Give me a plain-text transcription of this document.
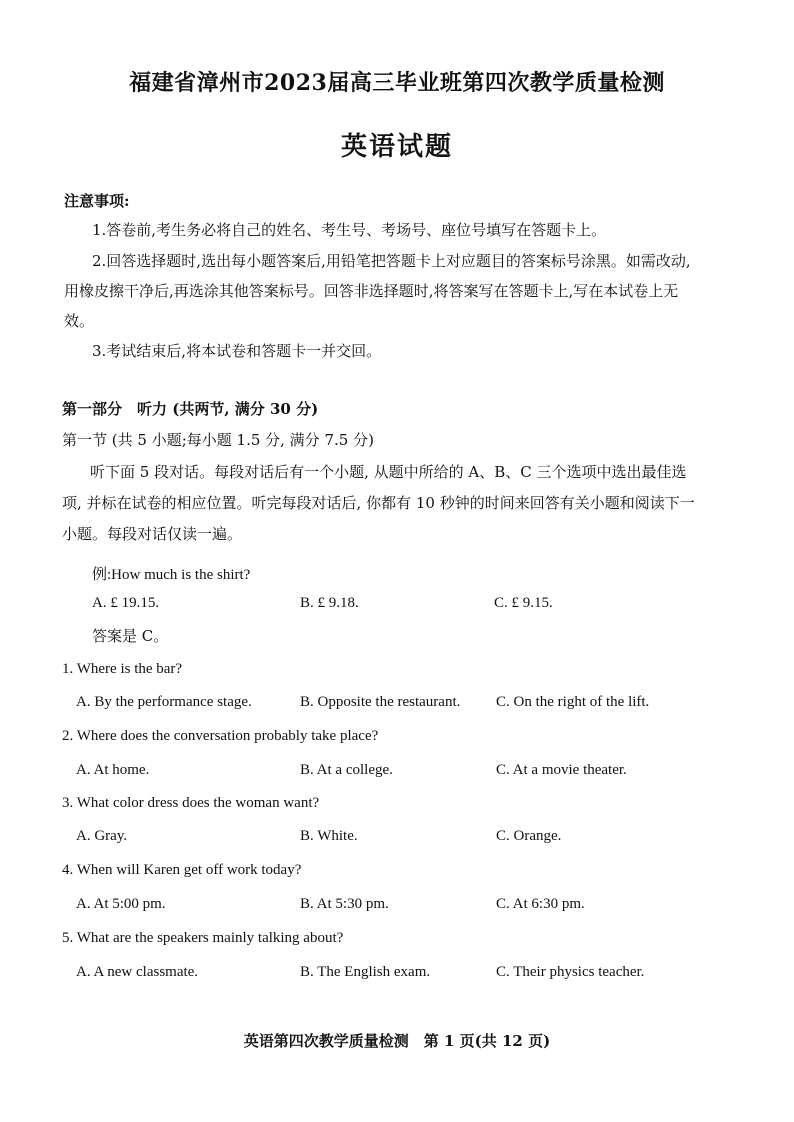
福建省漳州市2023届高三毕业班第四次教学质量检测
英语试题
注意事项:
1.答卷前,考生务必将自己的姓名、考生号、考场号、座位号填写在答题卡上。
2.回答选择题时,选出每小题答案后,用铅笔把答题卡上对应题目的答案标号涂黑。如需改动,用橡皮擦干净后,再选涂其他答案标号。回答非选择题时,将答案写在答题卡上,写在本试卷上无效。
3.考试结束后,将本试卷和答题卡一并交回。
第一部分　听力 (共两节, 满分 30 分)
第一节 (共 5 小题;每小题 1.5 分, 满分 7.5 分)
听下面 5 段对话。每段对话后有一个小题, 从题中所给的 A、B、C 三个选项中选出最佳选项, 并标在试卷的相应位置。听完每段对话后, 你都有 10 秒钟的时间来回答有关小题和阅读下一小题。每段对话仅读一遍。
例:How much is the shirt?
A. £ 19.15.	B. £ 9.18.	C. £ 9.15.
答案是 C。
1. Where is the bar?
A. By the performance stage.	B. Opposite the restaurant. C. On the right of the lift.
2. Where does the conversation probably take place?
A. At home.	B. At a college.	C. At a movie theater.
3. What color dress does the woman want?
A. Gray.	B. White.	C. Orange.
4. When will Karen get off work today?
A. At 5:00 pm.	B. At 5:30 pm.	C. At 6:30 pm.
5. What are the speakers mainly talking about?
A. A new classmate.	B. The English exam.	C. Their physics teacher.
英语第四次教学质量检测　第 1 页(共 12 页)
